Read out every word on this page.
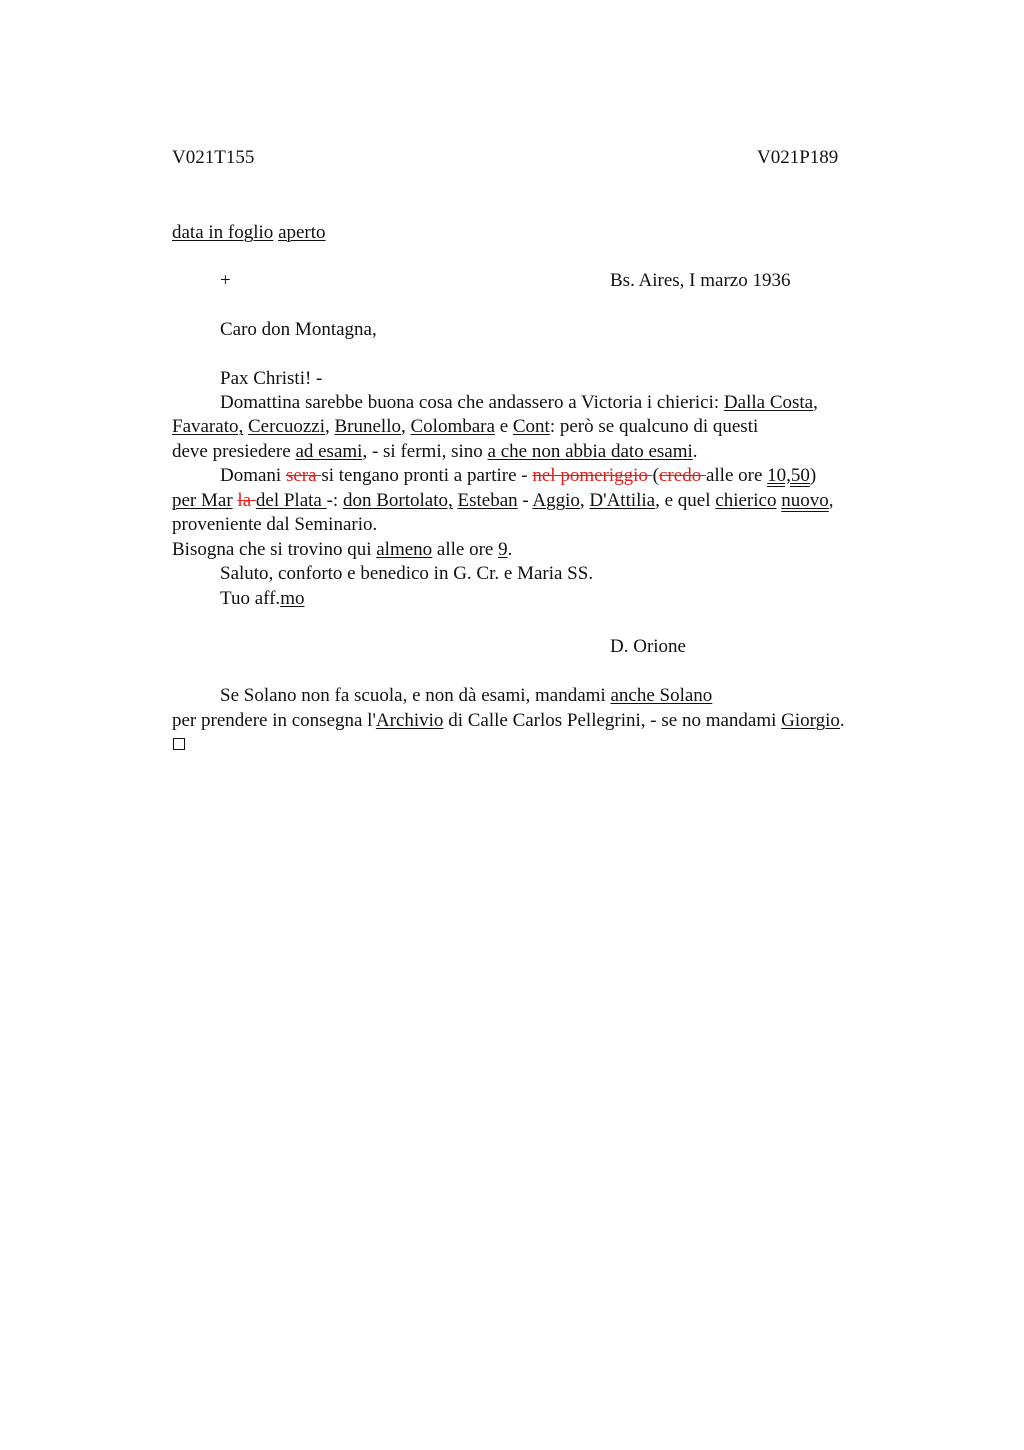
V021T155	V021P189
data in foglio aperto
+	Bs. Aires, I marzo 1936
Caro don Montagna,
Pax Christi! -
Domattina sarebbe buona cosa che andassero a Victoria i chierici: Dalla Costa,
Favarato, Cercuozzi, Brunello, Colombara e Cont: però se qualcuno di questi
deve presiedere ad esami, - si fermi, sino a che non abbia dato esami.
Domani sera si tengano pronti a partire - nel pomeriggio (credo alle ore 10,50)
per Mar la del Plata -: don Bortolato, Esteban - Aggio, D'Attilia, e quel chierico nuovo,
proveniente dal Seminario.
Bisogna che si trovino qui almeno alle ore 9.
Saluto, conforto e benedico in G. Cr. e Maria SS.
Tuo aff.mo
D. Orione
Se Solano non fa scuola, e non dà esami, mandami anche Solano
per prendere in consegna l'Archivio di Calle Carlos Pellegrini, - se no mandami Giorgio.
